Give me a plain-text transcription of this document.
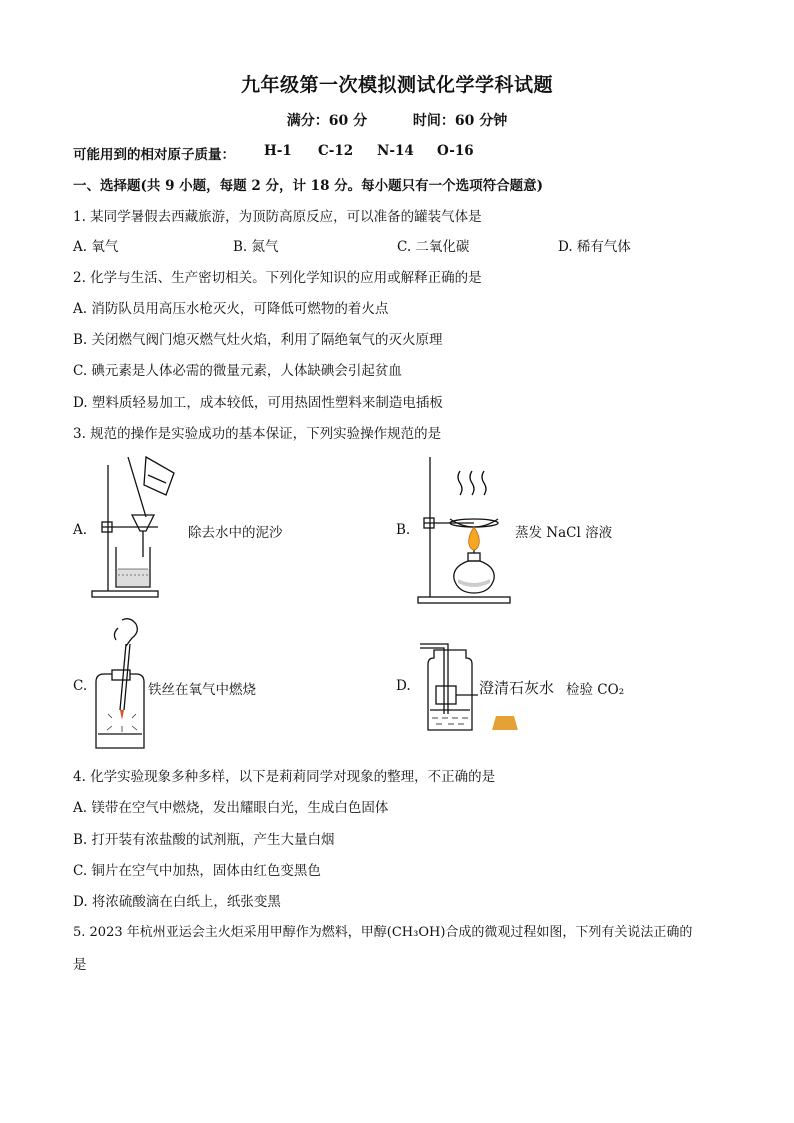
九年级第一次模拟测试化学学科试题
满分：60 分	时间：60 分钟
可能用到的相对原子质量： H-1 C-12 N-14 O-16
一、选择题(共 9 小题，每题 2 分，计 18 分。每小题只有一个选项符合题意)
1. 某同学暑假去西藏旅游，为顶防高原反应，可以准备的罐装气体是
A. 氧气	B. 氮气	C. 二氧化碳	D. 稀有气体
2. 化学与生活、生产密切相关。下列化学知识的应用或解释正确的是
A. 消防队员用高压水枪灭火，可降低可燃物的着火点
B. 关闭燃气阀门熄灭燃气灶火焰，利用了隔绝氧气的灭火原理
C. 碘元素是人体必需的微量元素，人体缺碘会引起贫血
D. 塑料质轻易加工，成本较低，可用热固性塑料来制造电插板
3. 规范的操作是实验成功的基本保证，下列实验操作规范的是
A.	除去水中的泥沙	B.	蒸发 NaCl 溶液
C.	铁丝在氧气中燃烧	D.	澄清石灰水 检验 CO₂
4. 化学实验现象多种多样，以下是莉莉同学对现象的整理，不正确的是
A. 镁带在空气中燃烧，发出耀眼白光，生成白色固体
B. 打开装有浓盐酸的试剂瓶，产生大量白烟
C. 铜片在空气中加热，固体由红色变黑色
D. 将浓硫酸滴在白纸上，纸张变黑
5. 2023 年杭州亚运会主火炬采用甲醇作为燃料，甲醇(CH₃OH)合成的微观过程如图，下列有关说法正确的
是
